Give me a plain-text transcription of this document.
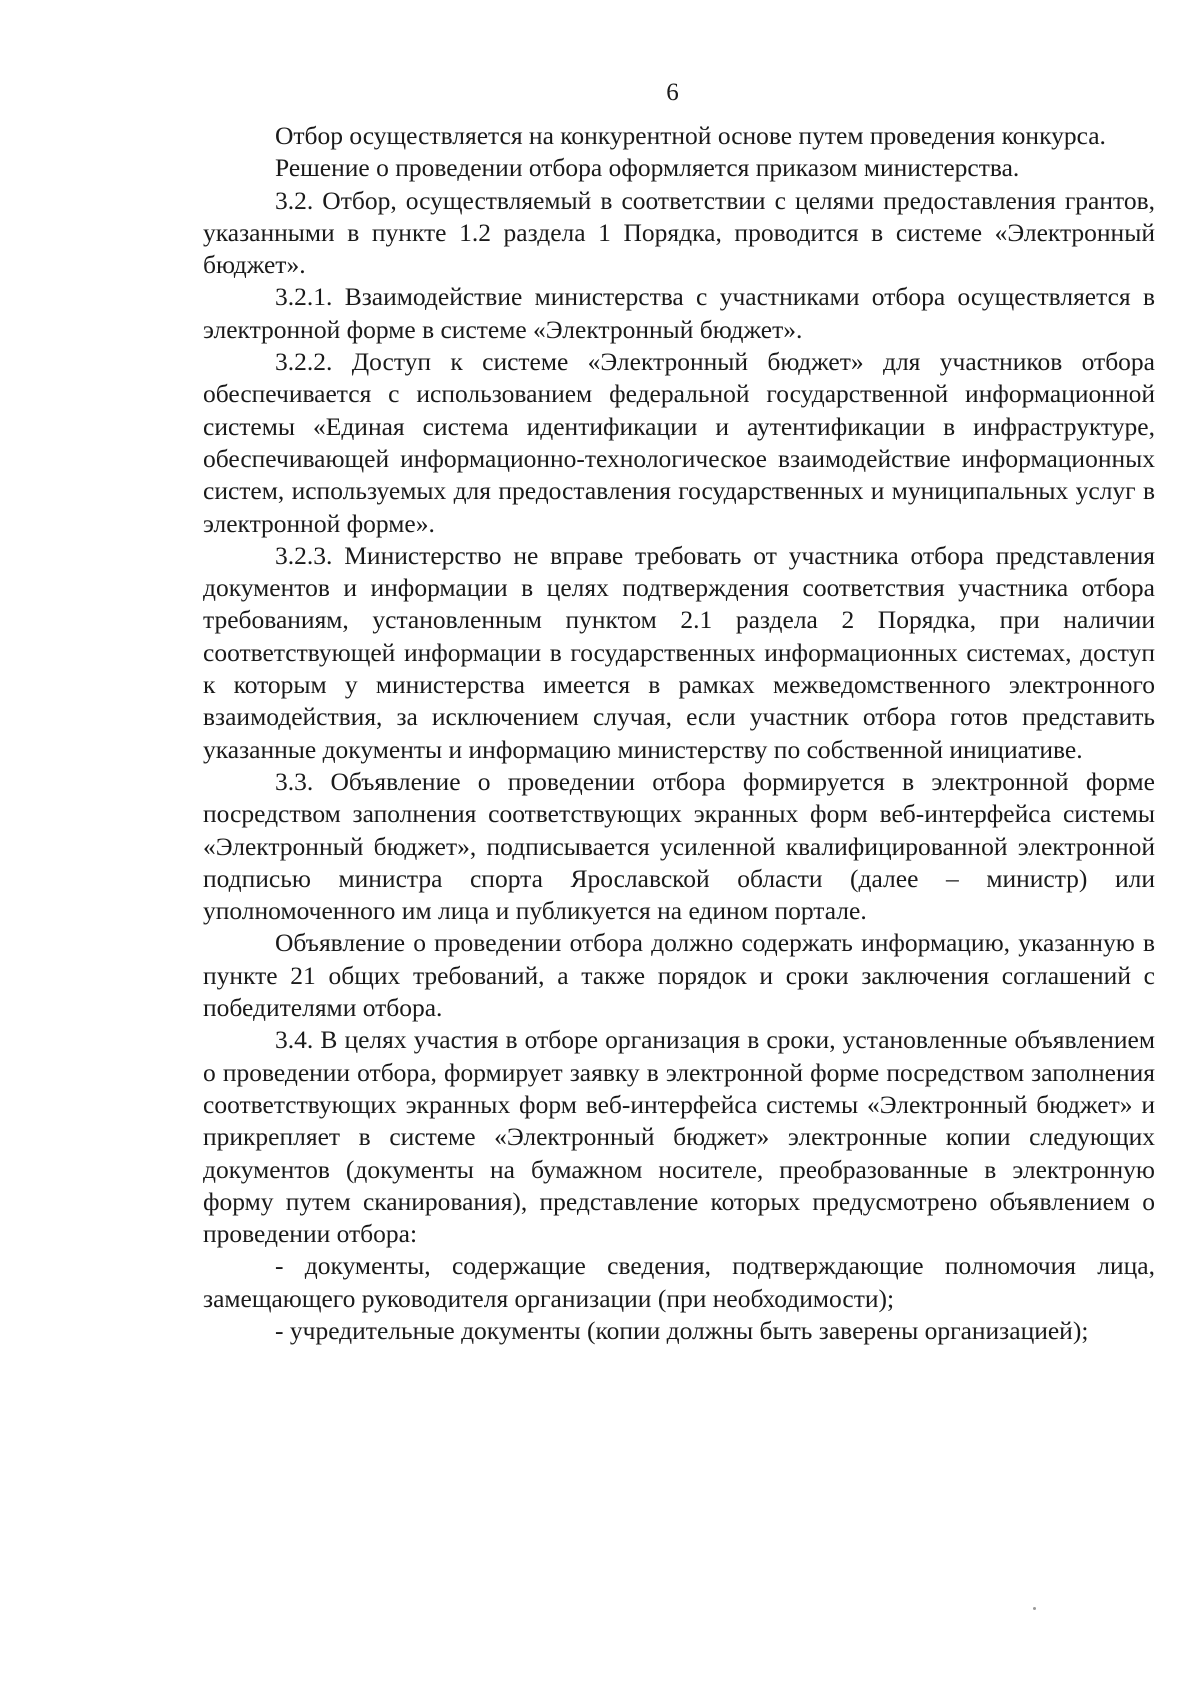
6

Отбор осуществляется на конкурентной основе путем проведения конкурса.

Решение о проведении отбора оформляется приказом министерства.

3.2. Отбор, осуществляемый в соответствии с целями предоставления грантов, указанными в пункте 1.2 раздела 1 Порядка, проводится в системе «Электронный бюджет».

3.2.1. Взаимодействие министерства с участниками отбора осуществляется в электронной форме в системе «Электронный бюджет».

3.2.2. Доступ к системе «Электронный бюджет» для участников отбора обеспечивается с использованием федеральной государственной информационной системы «Единая система идентификации и аутентификации в инфраструктуре, обеспечивающей информационно-технологическое взаимодействие информационных систем, используемых для предоставления государственных и муниципальных услуг в электронной форме».

3.2.3. Министерство не вправе требовать от участника отбора представления документов и информации в целях подтверждения соответствия участника отбора требованиям, установленным пунктом 2.1 раздела 2 Порядка, при наличии соответствующей информации в государственных информационных системах, доступ к которым у министерства имеется в рамках межведомственного электронного взаимодействия, за исключением случая, если участник отбора готов представить указанные документы и информацию министерству по собственной инициативе.

3.3. Объявление о проведении отбора формируется в электронной форме посредством заполнения соответствующих экранных форм веб-интерфейса системы «Электронный бюджет», подписывается усиленной квалифицированной электронной подписью министра спорта Ярославской области (далее – министр) или уполномоченного им лица и публикуется на едином портале.

Объявление о проведении отбора должно содержать информацию, указанную в пункте 21 общих требований, а также порядок и сроки заключения соглашений с победителями отбора.

3.4. В целях участия в отборе организация в сроки, установленные объявлением о проведении отбора, формирует заявку в электронной форме посредством заполнения соответствующих экранных форм веб-интерфейса системы «Электронный бюджет» и прикрепляет в системе «Электронный бюджет» электронные копии следующих документов (документы на бумажном носителе, преобразованные в электронную форму путем сканирования), представление которых предусмотрено объявлением о проведении отбора:

- документы, содержащие сведения, подтверждающие полномочия лица, замещающего руководителя организации (при необходимости);

- учредительные документы (копии должны быть заверены организацией);
